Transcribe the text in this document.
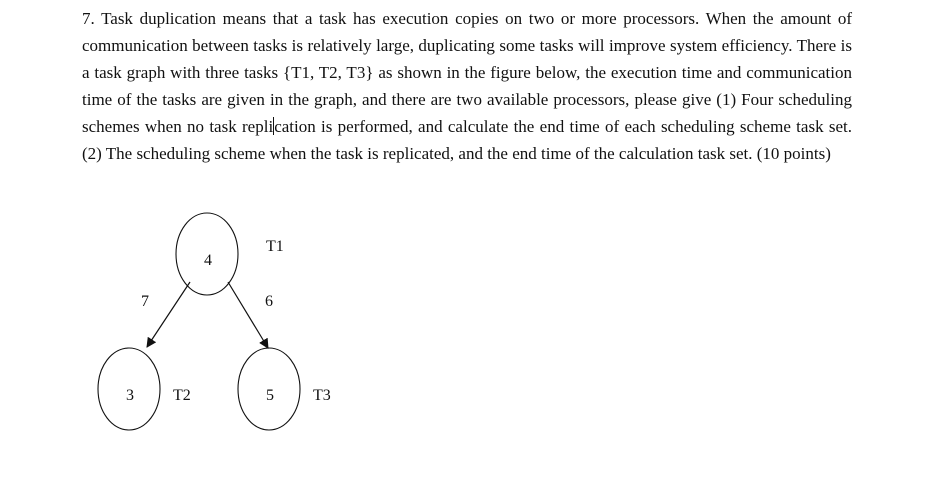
7. Task duplication means that a task has execution copies on two or more processors. When the amount of communication between tasks is relatively large, duplicating some tasks will improve system efficiency. There is a task graph with three tasks {T1, T2, T3} as shown in the figure below, the execution time and communication time of the tasks are given in the graph, and there are two available processors, please give (1) Four scheduling schemes when no task replication is performed, and calculate the end time of each scheduling scheme task set. (2) The scheduling scheme when the task is replicated, and the end time of the calculation task set. (10 points)

4
T1
3 T2	5 T3
7	6
